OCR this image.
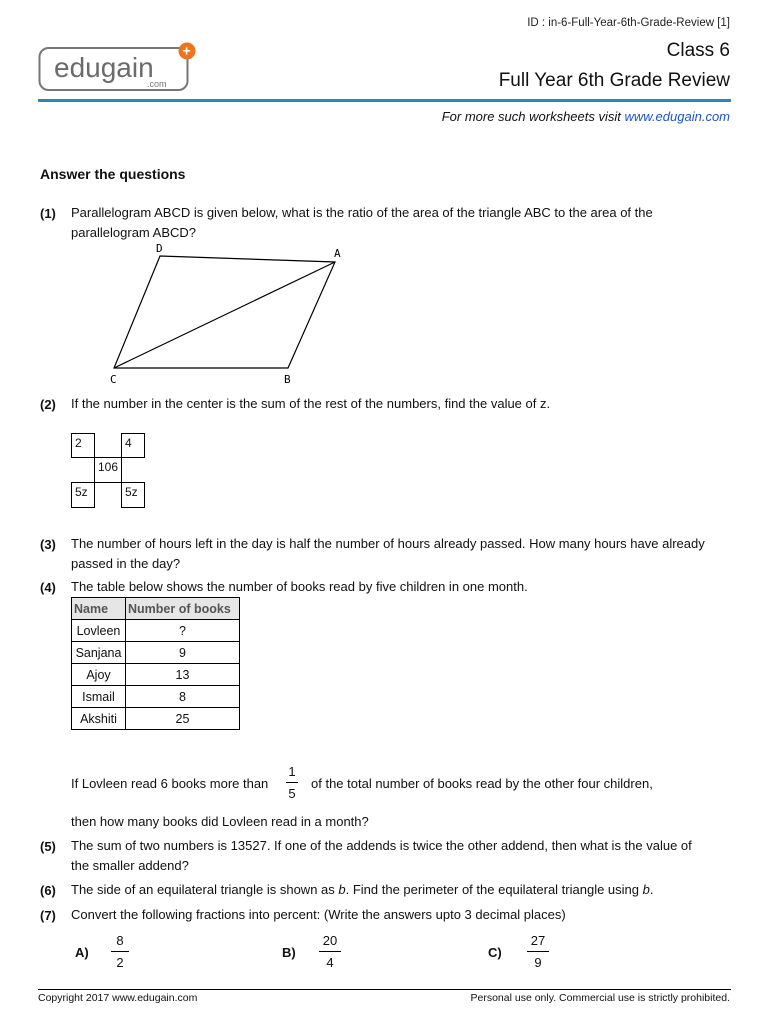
ID : in-6-Full-Year-6th-Grade-Review [1]
Class 6
Full Year 6th Grade Review
edugain
.com
+
For more such worksheets visit www.edugain.com
Answer the questions
(1) Parallelogram ABCD is given below, what is the ratio of the area of the triangle ABC to the area of the parallelogram ABCD?
D	A
C	B
(2) If the number in the center is the sum of the rest of the numbers, find the value of z.
2	4
106
5z	5z
(3) The number of hours left in the day is half the number of hours already passed. How many hours have already passed in the day?
(4) The table below shows the number of books read by five children in one month.
Name	Number of books
Lovleen	?
Sanjana	9
Ajoy	13
Ismail	8
Akshiti	25
If Lovleen read 6 books more than
1
5
of the total number of books read by the other four children,
then how many books did Lovleen read in a month?
(5) The sum of two numbers is 13527. If one of the addends is twice the other addend, then what is the value of the smaller addend?
(6) The side of an equilateral triangle is shown as b. Find the perimeter of the equilateral triangle using b.
(7) Convert the following fractions into percent: (Write the answers upto 3 decimal places)
A)
8
2
B)
20
4
C)
27
9
Copyright 2017 www.edugain.com	Personal use only. Commercial use is strictly prohibited.
